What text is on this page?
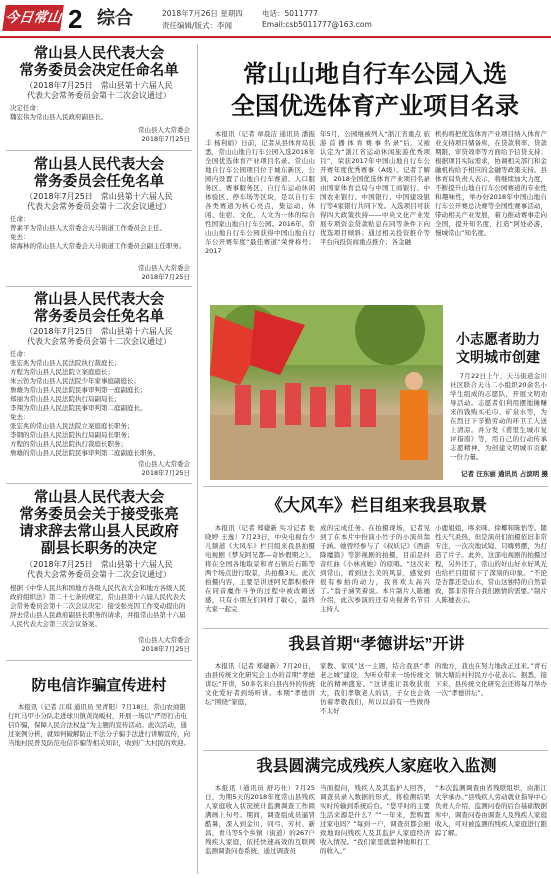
今日常山 2 综合	2018年7月26日 星期四
责任编辑/版式：李闻
电话：5011777
Email:csb5011777@163.com
常山县人民代表大会
常务委员会决定任命名单
（2018年7月25日　常山县第十六届人民
代表大会常务委员会第十二次会议通过）
决定任命：
魏宏伟为常山县人民政府副县长。
常山县人大常委会
2018年7月25日
常山县人民代表大会
常务委员会任免名单
（2018年7月25日　常山县第十六届人民
代表大会常务委员会第十二次会议通过）
任命：
曾素平为常山县人大常委会天马街道工作委员会主任。
免去：
徐海林的常山县人大常委会天马街道工作委员会副主任职务。
常山县人大常委会
2018年7月25日
常山县人民代表大会
常务委员会任免名单
（2018年7月25日　常山县第十六届人民
代表大会常务委员会第十二次会议通过）
任命：
张宏兆为常山县人民法院执行裁庭长；
方程为常山县人民法院立案庭庭长；
朱云钫为常山县人民法院少年家事庭副庭长；
詹雄为常山县人民法院民事审判第一庭副庭长；
郑丽为常山县人民法院执行局副局长；
李翔为常山县人民法院民事审判第二庭副庭长。
免去：
张宏兆的常山县人民法院立案庭庭长职务；
李钢的常山县人民法院执行局副局长职务；
方程的常山县人民法院执行裁庭长职务；
詹雄的常山县人民法院民事审判第二庭副庭长职务。
常山县人大常委会
2018年7月25日
常山县人民代表大会
常务委员会关于接受张亮
请求辞去常山县人民政府
副县长职务的决定
（2018年7月25日　常山县第十六届人民
代表大会常务委员会第十二次会议通过）
根据《中华人民共和国地方各级人民代表大会和地方各级人民政府组织法》第二十七条的规定，常山县第十六届人民代表大会常务委员会第十二次会议决定：接受张亮因工作变动提出的辞去常山县人民政府副县长职务的请求，并报常山县第十六届人民代表大会第三次会议备案。
常山县人大常委会
2018年7月25日
防电信诈骗宣传进村
本报讯（记者 江琪 通讯员 吴青阳）7月18日，常山农商银行红马甲小分队走进球川镇黄岗畈村，开展一场以“严厉打击电信诈骗，保障人民合法权益”为主题的宣传活动。此次活动，通过案例分析，就如何破解防止不法分子骗手法进行讲解宣传，向当地村民普及防范电信诈骗等相关知识，收到广大村民的欢迎。
常山山地自行车公园入选
全国优选体育产业项目名录
本报讯（记者 章晨洁 通讯员 潘振丰 杨利娟）日前，记者从县体育局获悉，常山山地自行车公园入选2018年全国优选体育产业项目名录。常山山地自行车公园项目位于城东新区，公园内设置了山地自行车赛道、人口服务区、赛事服务区、自行车运动休闲体验区、停车场等区块，是以自行车各类赛道为核心亮点，集运动、休闲、住宿、文化、人文为一体的综合性国家山地自行车公园。2016年，常山山地自行车公园获得中国山地自行车公开赛年度“最佳赛道”荣誉称号；2017
年5月，公园继被列入“浙江省重点 旅 游 首 播 体 育 赛 事 名 录”后，又被认定为“浙江省运动休闲旅游优秀项目”，荣获2017年中国山地自行车公开赛年度优秀赛事（A级）。记者了解到，2018全国优选体育产业项目名录由国家体育总局与中国工商银行、中国农业银行、中国银行、中国建设银行等4家银行共同下发。入选项目可获得四大政策扶持——中央文化产业发展专项资金贷款贴息在同等条件下向优选项目倾斜；通过相关投资推介等平台向投资商重点推介；各金融
机构将把优选体育产业项目纳入体育产业支持项目储备库，在贷款利率、贷款期限、审贷效率等方面给予信贷支持；根据项目实际需求，协调相关部门和金融机构给予相应的金融等政策支持。县体育局负责人表示，将继续加大力度，不断提升山地自行车公园赛道的专业性和趣味性，举办好2018年中国山地自行车公开赛总决赛等全国性赛事活动，带动相关产业发展，着力推动赛事走向全国，提升知名度，打造“阿处必游，慢城常山”知名度。
小志愿者助力
文明城市创建
7月22日上午，天马街道金川社区联合天马二小组织20余名小学生组成的志愿队，开展文明劝导活动。志愿者们利用摆地摊赚来的钱购买毛巾、矿泉水等，为在烈日下辛勤劳动的环卫工人送上清凉。并分发《甫里生城市复评指南》等，用自己的行动传承志愿精神，为创建文明城市贡献一份力量。
记者 汪东丽 通讯员 占滨明 摄
《大风车》栏目组来我县取景
本报讯（记者 郑婕新 实习记者 张晓婷 王逸）7月23日，中央电视台少儿频道《大风车》栏目组来我县拍摄电视剧《梦友阿兄都—奇妙假期之》。将在全国各地取景和青石镇后石陈等两个场点进行取景，共拍摄3天。此次拍摄内容，主要是讲述阿兄都积极伴在同音魔作斗争的过程中被改赖送感，只有小朋友们同样了敏心，最终大家一起完
成的完成任务。在拍摄现场，记者见到了在本片中扮演小竹子的小演员翁子涵。她曾经参与了《叔妖记》《西游降魔篇》等影视剧的拍摄，目前是抖音红曲《小林真她》的原唱。“这次来到常山，看到这么美的风景，感觉到很有参拍的动力，我喜欢太高兴了。”翁子涵笑着说。本片制片人陈穗介绍，此次参演的还有央视著名节目主持人
小鹿姐姐、哆来咪、徐椰和陈怡等。随性天气炎热，但是演员们拍摄依旧非常专注，一次次地试镜、只嗨剪摆，为打造了片子。此外，这部电视剧的拍摄过程，另外还了，常山的好山好水好风光也给栏目组留下了深刻的印象。“不论是杏都还是山水，常山这独特的自然景致，都非常符合我们剧情的需要。”制片人陈穗表示。
我县首期“孝德讲坛”开讲
本报讯（记者 郑婕新）7月20日，由县传统文化研究会主办的首期“孝德讲坛”开讲，50多名来自县内外的传统文化爱好者到场听讲。本期“孝德讲坛”围绕“家庭、
家教、家风”这一主题，结合我县“孝老之城”建设，为听众带来一场传统文化的精神盛宴。“这讲座让我收获很大，我们孝敬老人的话，子女也会效仿着孝敬我们，所以以前有一些做得不太好
的地方，我也在努力地改正过来。”青石镇大塘后村村民方小花表示。据悉，接下来，县传统文化研究会还将每月举办一次“孝德讲坛”。
我县圆满完成残疾人家庭收入监测
本报讯（通讯员 舒巧仕）7月25日，为期5天的2018年度常山县残疾人家庭收入状况统计监测调查工作圆满画上句号。期间，调查组成员逼冒酷暑，深入到金川、同弓、芳村、新昌、青马等5个乡镇（街道）的267户残疾人家庭，依托快速高效的互联网监测调查问卷系统，通过调查员
当面提问，残疾人及其监护人回答，调查员录入数据的形式，将检测结果实时传输到系统后台。“您平时的主要生活来源是什么？”“一年来，您购置过家电吗？”每到一户，调查员都会细致地询问残疾人及其监护人家庭经济收入情况。“我们家里就靠种地和打工的收入。”
“本次监测调查由省残联组织，由浙江大学承办。”县残疾人劳动就业指导中心负责人介绍，监测问卷的后台基础数据库中，调查问卷由调查人及残疾人家庭收入，可对被监测的残疾人家庭进行跟踪了解。
